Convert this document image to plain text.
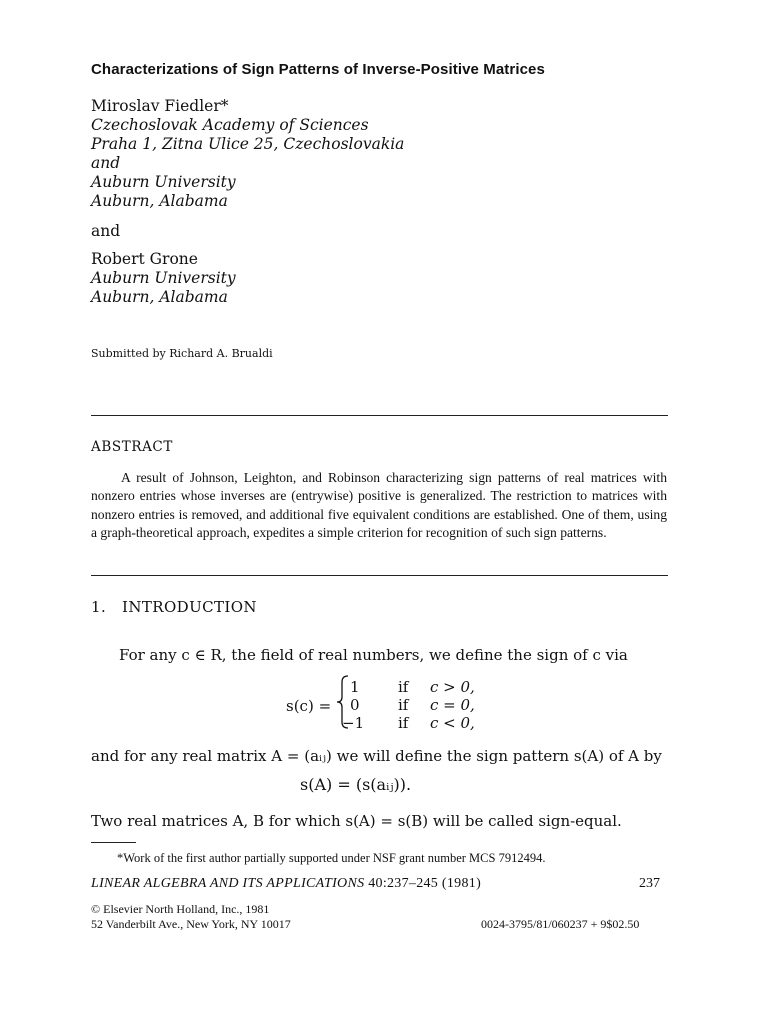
Characterizations of Sign Patterns of Inverse-Positive Matrices
Miroslav Fiedler*
Czechoslovak Academy of Sciences
Praha 1, Zitna Ulice 25, Czechoslovakia
and
Auburn University
Auburn, Alabama
and
Robert Grone
Auburn University
Auburn, Alabama
Submitted by Richard A. Brualdi
ABSTRACT

A result of Johnson, Leighton, and Robinson characterizing sign patterns of real matrices with nonzero entries whose inverses are (entrywise) positive is generalized. The restriction to matrices with nonzero entries is removed, and additional five equivalent conditions are established. One of them, using a graph-theoretical approach, expedites a simple criterion for recognition of such sign patterns.

1. INTRODUCTION
For any c ∈ R, the field of real numbers, we define the sign of c via
s(c) =
1	if c > 0,
0	if c = 0,
−1 if c < 0,
and for any real matrix A = (aᵢⱼ) we will define the sign pattern s(A) of A by
s(A) = (s(aᵢⱼ)).
Two real matrices A, B for which s(A) = s(B) will be called sign-equal.
*Work of the first author partially supported under NSF grant number MCS 7912494.
LINEAR ALGEBRA AND ITS APPLICATIONS 40:237–245 (1981)	237
© Elsevier North Holland, Inc., 1981
52 Vanderbilt Ave., New York, NY 10017	0024-3795/81/060237 + 9$02.50
